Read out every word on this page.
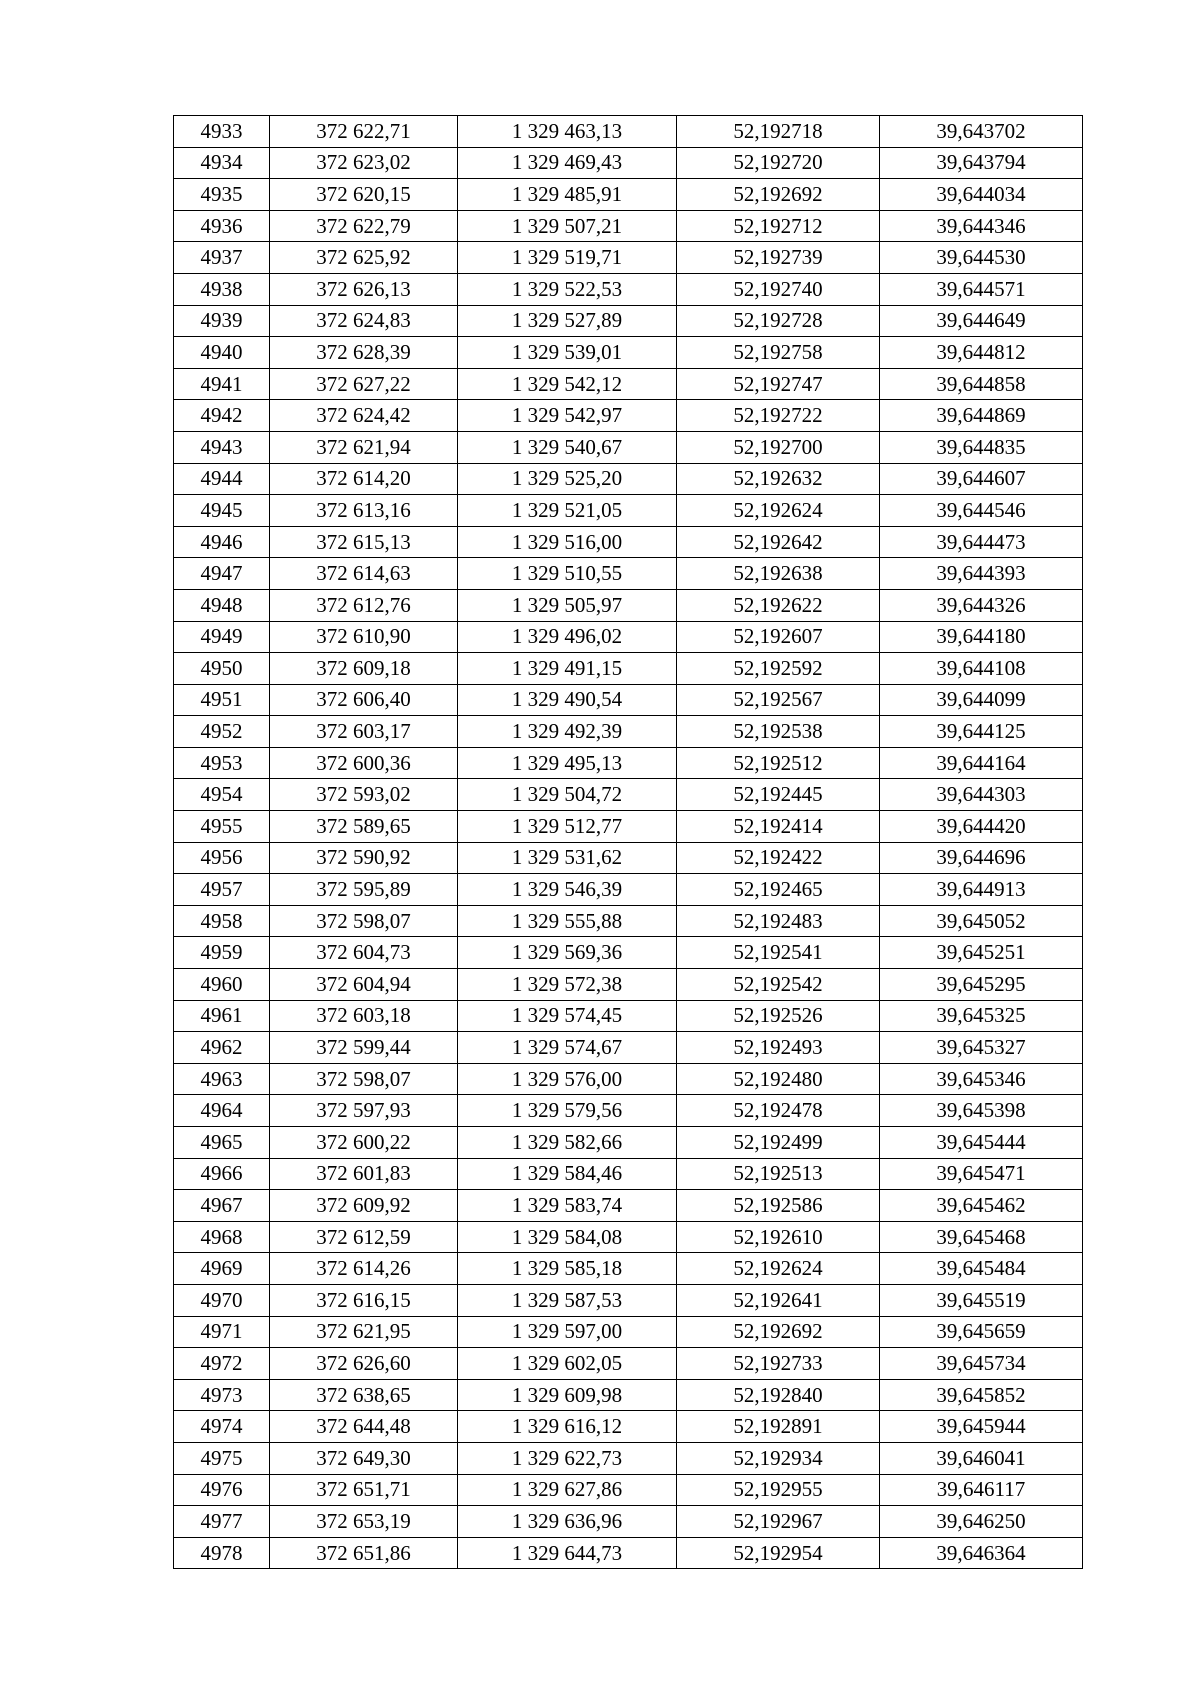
4933	372 622,71	1 329 463,13	52,192718	39,643702
4934	372 623,02	1 329 469,43	52,192720	39,643794
4935	372 620,15	1 329 485,91	52,192692	39,644034
4936	372 622,79	1 329 507,21	52,192712	39,644346
4937	372 625,92	1 329 519,71	52,192739	39,644530
4938	372 626,13	1 329 522,53	52,192740	39,644571
4939	372 624,83	1 329 527,89	52,192728	39,644649
4940	372 628,39	1 329 539,01	52,192758	39,644812
4941	372 627,22	1 329 542,12	52,192747	39,644858
4942	372 624,42	1 329 542,97	52,192722	39,644869
4943	372 621,94	1 329 540,67	52,192700	39,644835
4944	372 614,20	1 329 525,20	52,192632	39,644607
4945	372 613,16	1 329 521,05	52,192624	39,644546
4946	372 615,13	1 329 516,00	52,192642	39,644473
4947	372 614,63	1 329 510,55	52,192638	39,644393
4948	372 612,76	1 329 505,97	52,192622	39,644326
4949	372 610,90	1 329 496,02	52,192607	39,644180
4950	372 609,18	1 329 491,15	52,192592	39,644108
4951	372 606,40	1 329 490,54	52,192567	39,644099
4952	372 603,17	1 329 492,39	52,192538	39,644125
4953	372 600,36	1 329 495,13	52,192512	39,644164
4954	372 593,02	1 329 504,72	52,192445	39,644303
4955	372 589,65	1 329 512,77	52,192414	39,644420
4956	372 590,92	1 329 531,62	52,192422	39,644696
4957	372 595,89	1 329 546,39	52,192465	39,644913
4958	372 598,07	1 329 555,88	52,192483	39,645052
4959	372 604,73	1 329 569,36	52,192541	39,645251
4960	372 604,94	1 329 572,38	52,192542	39,645295
4961	372 603,18	1 329 574,45	52,192526	39,645325
4962	372 599,44	1 329 574,67	52,192493	39,645327
4963	372 598,07	1 329 576,00	52,192480	39,645346
4964	372 597,93	1 329 579,56	52,192478	39,645398
4965	372 600,22	1 329 582,66	52,192499	39,645444
4966	372 601,83	1 329 584,46	52,192513	39,645471
4967	372 609,92	1 329 583,74	52,192586	39,645462
4968	372 612,59	1 329 584,08	52,192610	39,645468
4969	372 614,26	1 329 585,18	52,192624	39,645484
4970	372 616,15	1 329 587,53	52,192641	39,645519
4971	372 621,95	1 329 597,00	52,192692	39,645659
4972	372 626,60	1 329 602,05	52,192733	39,645734
4973	372 638,65	1 329 609,98	52,192840	39,645852
4974	372 644,48	1 329 616,12	52,192891	39,645944
4975	372 649,30	1 329 622,73	52,192934	39,646041
4976	372 651,71	1 329 627,86	52,192955	39,646117
4977	372 653,19	1 329 636,96	52,192967	39,646250
4978	372 651,86	1 329 644,73	52,192954	39,646364
